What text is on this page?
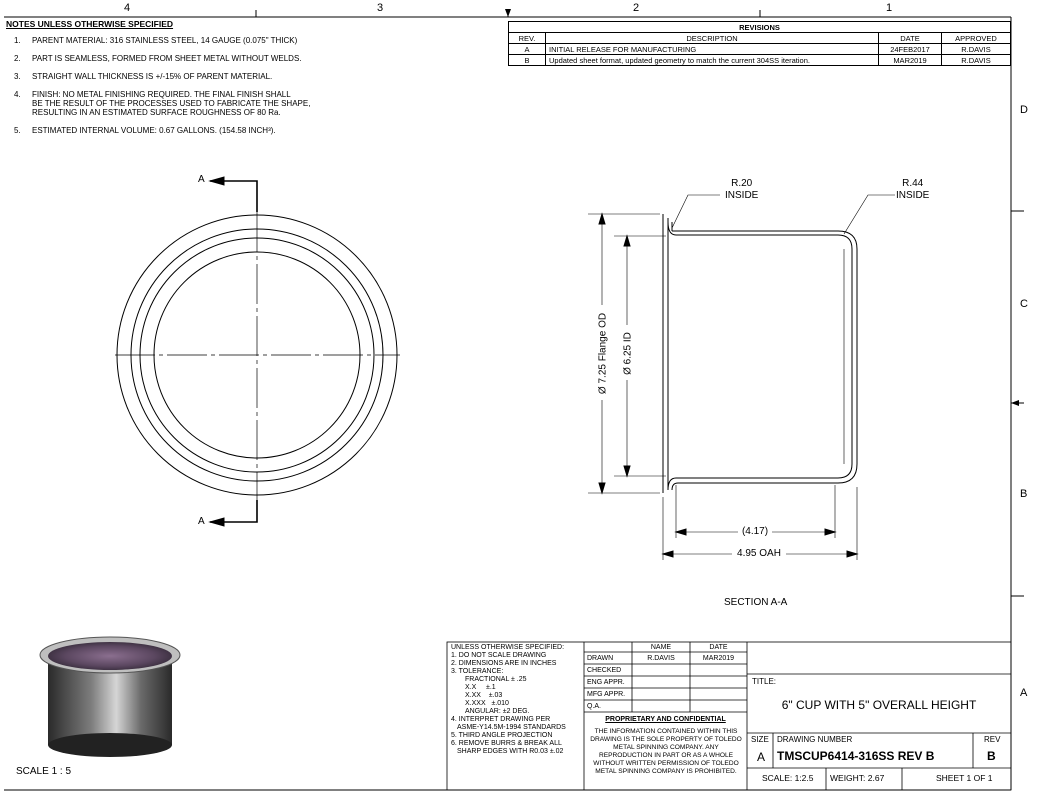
4	3	2	1
D
C
B
A
NOTES UNLESS OTHERWISE SPECIFIED
1.	PARENT MATERIAL: 316 STAINLESS STEEL, 14 GAUGE (0.075" THICK)
2.	PART IS SEAMLESS, FORMED FROM SHEET METAL WITHOUT WELDS.
3.	STRAIGHT WALL THICKNESS IS +/-15% OF PARENT MATERIAL.
4.	FINISH: NO METAL FINISHING REQUIRED. THE FINAL FINISH SHALL
BE THE RESULT OF THE PROCESSES USED TO FABRICATE THE SHAPE,
RESULTING IN AN ESTIMATED SURFACE ROUGHNESS OF 80 Ra.
5.	ESTIMATED INTERNAL VOLUME: 0.67 GALLONS. (154.58 INCH³).
REVISIONS			
REV.	DESCRIPTION	DATE	APPROVED
A	INITIAL RELEASE FOR MANUFACTURING	24FEB2017	R.DAVIS
B	Updated sheet format, updated geometry to match the current 304SS iteration.	MAR2019	R.DAVIS
A
A
R.20
INSIDE
R.44
INSIDE
Ø 7.25 Flange OD Ø 6.25 ID
(4.17)
4.95 OAH
SECTION A-A
SCALE 1 : 5
UNLESS OTHERWISE SPECIFIED:
1. DO NOT SCALE DRAWING
2. DIMENSIONS ARE IN INCHES
3. TOLERANCE:
FRACTIONAL ± .25
X.X     ±.1
X.XX    ±.03
X.XXX   ±.010
ANGULAR: ±2 DEG.
4. INTERPRET DRAWING PER
ASME-Y14.5M-1994 STANDARDS
5. THIRD ANGLE PROJECTION
6. REMOVE BURRS & BREAK ALL
SHARP EDGES WITH R0.03 ±.02
NAME	DATE
DRAWN	R.DAVIS	MAR2019
CHECKED
ENG APPR.
MFG APPR.
Q.A.
PROPRIETARY AND CONFIDENTIAL
THE INFORMATION CONTAINED WITHIN THIS DRAWING IS THE SOLE PROPERTY OF TOLEDO METAL SPINNING COMPANY. ANY REPRODUCTION IN PART OR AS A WHOLE WITHOUT WRITTEN PERMISSION OF TOLEDO METAL SPINNING COMPANY IS PROHIBITED.
TITLE:
6" CUP WITH 5" OVERALL HEIGHT
SIZE
A
DRAWING NUMBER
TMSCUP6414-316SS REV B
REV
B
SCALE: 1:2.5 WEIGHT: 2.67	SHEET 1 OF 1
